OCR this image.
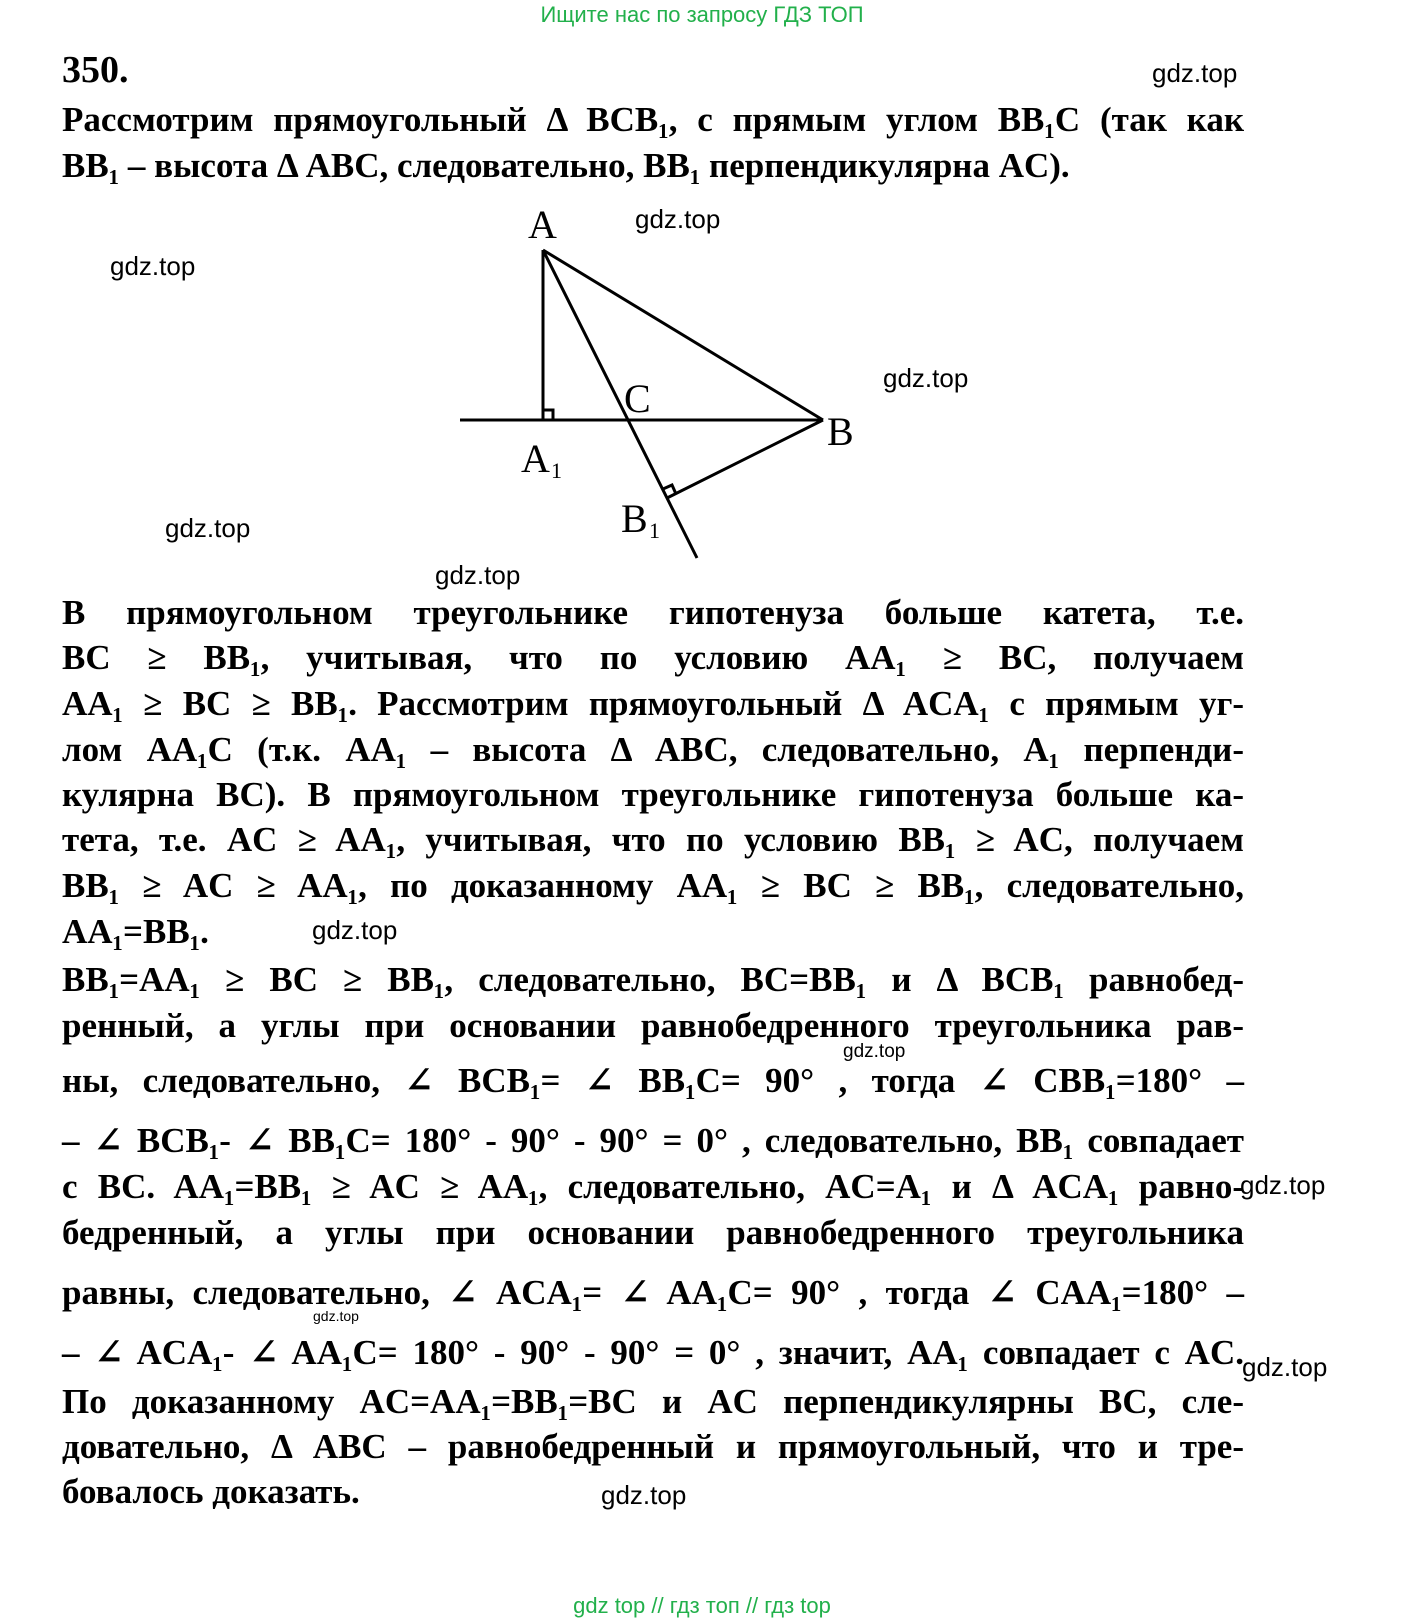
Ищите нас по запросу ГДЗ ТОП
350.	gdz.top
gdz.top
gdz.top
gdz.top
gdz.top
gdz.top
gdz.top
gdz.top
gdz.top
gdz.top
gdz.top
gdz.top
A
B
C
A 1
B 1
Рассмотрим прямоугольный Δ BCB₁, с прямым углом BB₁C (так как
BB₁ – высота Δ ABC, следовательно, BB₁ перпендикулярна AC).
В прямоугольном треугольнике гипотенуза больше катета, т.е.
BC ≥ BB₁, учитывая, что по условию AA₁ ≥ BC, получаем
AA₁ ≥ BC ≥ BB₁. Рассмотрим прямоугольный Δ ACA₁ с прямым уг-
лом AA₁C (т.к. AA₁ – высота Δ ABC, следовательно, A₁ перпенди-
кулярна BC). В прямоугольном треугольнике гипотенуза больше ка-
тета, т.е. AC ≥ AA₁, учитывая, что по условию BB₁ ≥ AC, получаем
BB₁ ≥ AC ≥ AA₁, по доказанному AA₁ ≥ BC ≥ BB₁, следовательно,
AA₁=BB₁.
BB₁=AA₁ ≥ BC ≥ BB₁, следовательно, BC=BB₁ и Δ BCB₁ равнобед-
ренный, а углы при основании равнобедренного треугольника рав-
ны, следовательно, ∠ BCB₁= ∠ BB₁C= 90° , тогда ∠ CBB₁=180° –
– ∠ BCB₁- ∠ BB₁C= 180° - 90° - 90° = 0° , следовательно, BB₁ совпадает
с BC. AA₁=BB₁ ≥ AC ≥ AA₁, следовательно, AC=A₁ и Δ ACA₁ равно-
бедренный, а углы при основании равнобедренного треугольника
равны, следовательно, ∠ ACA₁= ∠ AA₁C= 90° , тогда ∠ CAA₁=180° –
– ∠ ACA₁- ∠ AA₁C= 180° - 90° - 90° = 0° , значит, AA₁ совпадает с AC.
По доказанному AC=AA₁=BB₁=BC и AC перпендикулярны BC, сле-
довательно, Δ ABC – равнобедренный и прямоугольный, что и тре-
бовалось доказать.
gdz top // гдз топ // гдз top
